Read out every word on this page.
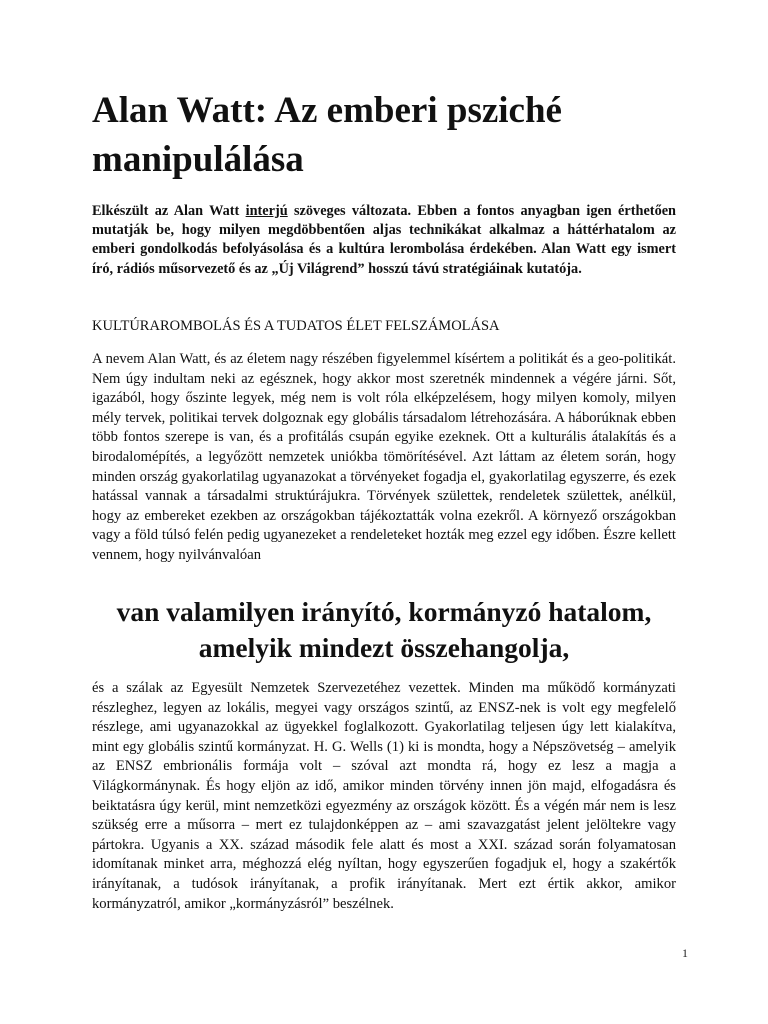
Alan Watt: Az emberi psziché manipulálása

Elkészült az Alan Watt interjú szöveges változata. Ebben a fontos anyagban igen érthetően mutatják be, hogy milyen megdöbbentően aljas technikákat alkalmaz a háttérhatalom az emberi gondolkodás befolyásolása és a kultúra lerombolása érdekében. Alan Watt egy ismert író, rádiós műsorvezető és az „Új Világrend” hosszú távú stratégiáinak kutatója.

KULTÚRAROMBOLÁS ÉS A TUDATOS ÉLET FELSZÁMOLÁSA

A nevem Alan Watt, és az életem nagy részében figyelemmel kísértem a politikát és a geo-politikát. Nem úgy indultam neki az egésznek, hogy akkor most szeretnék mindennek a végére járni. Sőt, igazából, hogy őszinte legyek, még nem is volt róla elképzelésem, hogy milyen komoly, milyen mély tervek, politikai tervek dolgoznak egy globális társadalom létrehozására. A háborúknak ebben több fontos szerepe is van, és a profitálás csupán egyike ezeknek. Ott a kulturális átalakítás és a birodalomépítés, a legyőzött nemzetek uniókba tömörítésével. Azt láttam az életem során, hogy minden ország gyakorlatilag ugyanazokat a törvényeket fogadja el, gyakorlatilag egyszerre, és ezek hatással vannak a társadalmi struktúrájukra. Törvények születtek, rendeletek születtek, anélkül, hogy az embereket ezekben az országokban tájékoztatták volna ezekről. A környező országokban vagy a föld túlsó felén pedig ugyanezeket a rendeleteket hozták meg ezzel egy időben. Észre kellett vennem, hogy nyilvánvalóan

van valamilyen irányító, kormányzó hatalom, amelyik mindezt összehangolja,

és a szálak az Egyesült Nemzetek Szervezetéhez vezettek. Minden ma működő kormányzati részleghez, legyen az lokális, megyei vagy országos szintű, az ENSZ-nek is volt egy megfelelő részlege, ami ugyanazokkal az ügyekkel foglalkozott. Gyakorlatilag teljesen úgy lett kialakítva, mint egy globális szintű kormányzat. H. G. Wells (1) ki is mondta, hogy a Népszövetség – amelyik az ENSZ embrionális formája volt – szóval azt mondta rá, hogy ez lesz a magja a Világkormánynak. És hogy eljön az idő, amikor minden törvény innen jön majd, elfogadásra és beiktatásra úgy kerül, mint nemzetközi egyezmény az országok között. És a végén már nem is lesz szükség erre a műsorra – mert ez tulajdonképpen az – ami szavazgatást jelent jelöltekre vagy pártokra. Ugyanis a XX. század második fele alatt és most a XXI. század során folyamatosan idomítanak minket arra, méghozzá elég nyíltan, hogy egyszerűen fogadjuk el, hogy a szakértők irányítanak, a tudósok irányítanak, a profik irányítanak. Mert ezt értik akkor, amikor kormányzatról, amikor „kormányzásról” beszélnek.

1
